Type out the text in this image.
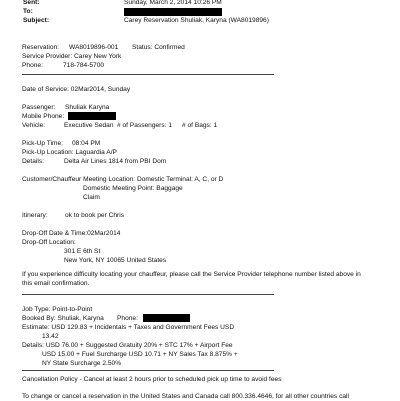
Sent:	Sunday, March 2, 2014 10:26 PM
To:
Subject:	Carey Reservation Shuliak, Karyna (WA8019896)
Reservation: WA8019896-001 Status: Confirmed
Service Provider: Carey New York
Phone:	718-784-5700
Date of Service: 02Mar2014, Sunday
Passenger: Shuliak Karyna
Mobile Phone:
Vehicle:	Executive Sedan # of Passengers: 1 # of Bags: 1
Pick-Up Time: 08:04 PM
Pick-Up Location: Laguardia A/P
Details:	Delta Air Lines 1814 from PBI Dom
Customer/Chauffeur Meeting Location: Domestic Terminal: A, C, or D
Domestic Meeting Point: Baggage
Claim
Itinerary:	ok to book per Chris
Drop-Off Date & Time:02Mar2014
Drop-Off Location:
301 E 6th St
New York, NY 10065 United States
If you experience difficulty locating your chauffeur, please call the Service Provider telephone number listed above in
this email confirmation.
Job Type: Point-to-Point
Booked By: Shuliak, Karyna Phone:
Estimate: USD 129.83 + Incidentals + Taxes and Government Fees USD
13.42
Details: USD 76.00 + Suggested Gratuity 20% + STC 17% + Airport Fee
USD 15.00 + Fuel Surcharge USD 10.71 + NY Sales Tax 8.875% +
NY State Surcharge 2.50%
Cancellation Policy - Cancel at least 2 hours prior to scheduled pick up time to avoid fees
To change or cancel a reservation in the United States and Canada call 800.336.4646, for all other countries call
